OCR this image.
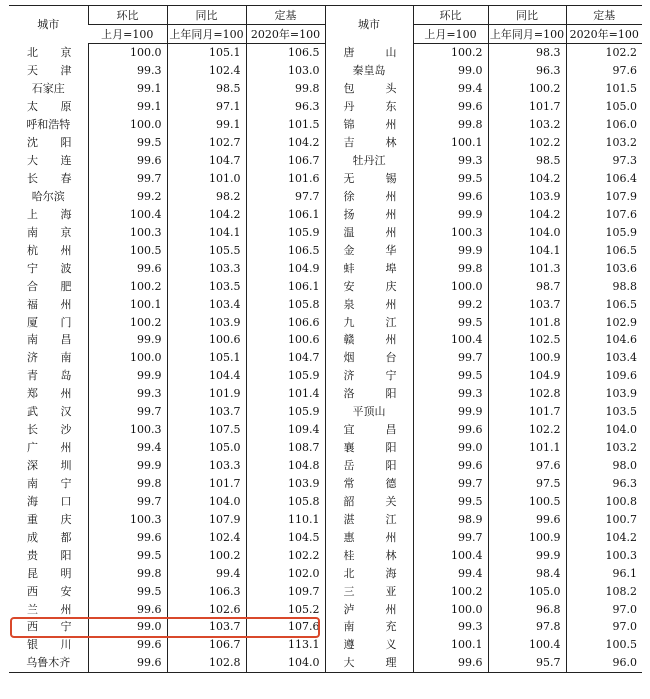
城市	环比	同比	定基	城市	环比	同比	定基
	上月=100	上年同月=100	2020年=100		上月=100	上年同月=100	2020年=100
北京	100.0	105.1	106.5	唐山	100.2	98.3	102.2
天津	99.3	102.4	103.0	秦皇岛	99.0	96.3	97.6
石家庄	99.1	98.5	99.8	包头	99.4	100.2	101.5
太原	99.1	97.1	96.3	丹东	99.6	101.7	105.0
呼和浩特	100.0	99.1	101.5	锦州	99.8	103.2	106.0
沈阳	99.5	102.7	104.2	吉林	100.1	102.2	103.2
大连	99.6	104.7	106.7	牡丹江	99.3	98.5	97.3
长春	99.7	101.0	101.6	无锡	99.5	104.2	106.4
哈尔滨	99.2	98.2	97.7	徐州	99.6	103.9	107.9
上海	100.4	104.2	106.1	扬州	99.9	104.2	107.6
南京	100.3	104.1	105.9	温州	100.3	104.0	105.9
杭州	100.5	105.5	106.5	金华	99.9	104.1	106.5
宁波	99.6	103.3	104.9	蚌埠	99.8	101.3	103.6
合肥	100.2	103.5	106.1	安庆	100.0	98.7	98.8
福州	100.1	103.4	105.8	泉州	99.2	103.7	106.5
厦门	100.2	103.9	106.6	九江	99.5	101.8	102.9
南昌	99.9	100.6	100.6	赣州	100.4	102.5	104.6
济南	100.0	105.1	104.7	烟台	99.7	100.9	103.4
青岛	99.9	104.4	105.9	济宁	99.5	104.9	109.6
郑州	99.3	101.9	101.4	洛阳	99.3	102.8	103.9
武汉	99.7	103.7	105.9	平顶山	99.9	101.7	103.5
长沙	100.3	107.5	109.4	宜昌	99.6	102.2	104.0
广州	99.4	105.0	108.7	襄阳	99.0	101.1	103.2
深圳	99.9	103.3	104.8	岳阳	99.6	97.6	98.0
南宁	99.8	101.7	103.9	常德	99.7	97.5	96.3
海口	99.7	104.0	105.8	韶关	99.5	100.5	100.8
重庆	100.3	107.9	110.1	湛江	98.9	99.6	100.7
成都	99.6	102.4	104.5	惠州	99.7	100.9	104.2
贵阳	99.5	100.2	102.2	桂林	100.4	99.9	100.3
昆明	99.8	99.4	102.0	北海	99.4	98.4	96.1
西安	99.5	106.3	109.7	三亚	100.2	105.0	108.2
兰州	99.6	102.6	105.2	泸州	100.0	96.8	97.0
西宁	99.0	103.7	107.6	南充	99.3	97.8	97.0
银川	99.6	106.7	113.1	遵义	100.1	100.4	100.5
乌鲁木齐	99.6	102.8	104.0	大理	99.6	95.7	96.0
